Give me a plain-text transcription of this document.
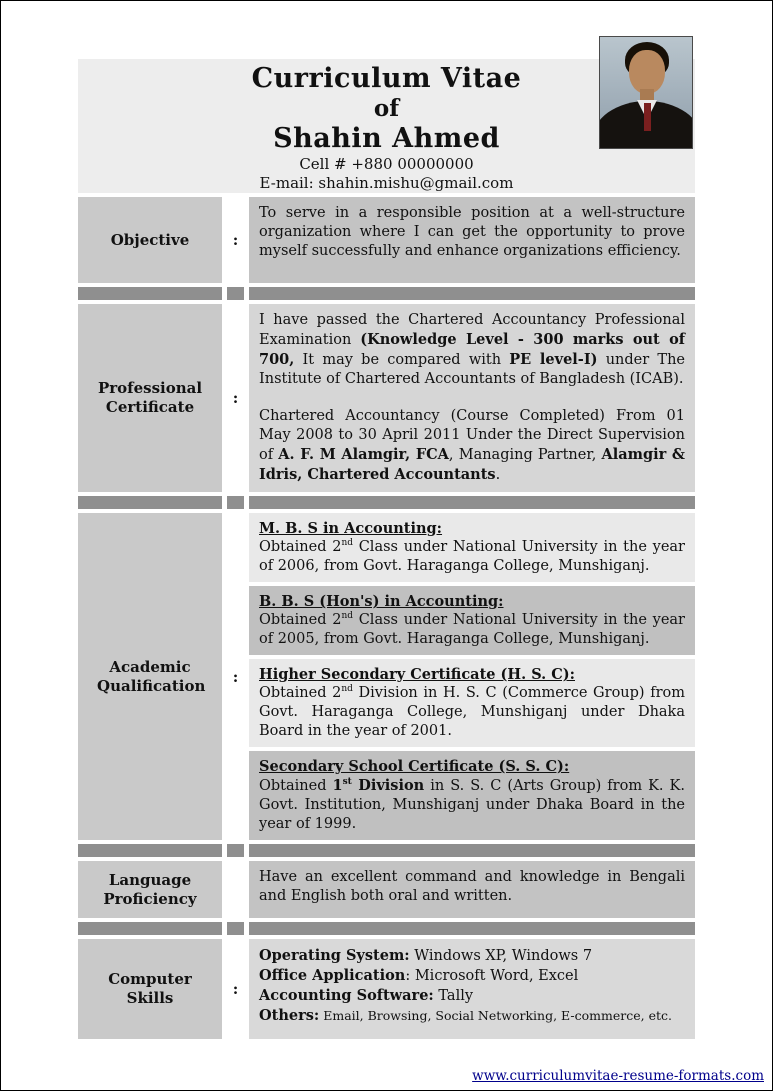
Curriculum Vitae
of
Shahin Ahmed
Cell # +880 00000000
E-mail: shahin.mishu@gmail.com
Objective	:

To serve in a responsible position at a well-structure organization where I can get the opportunity to prove myself successfully and enhance organizations efficiency.

Professional Certificate	:

I have passed the Chartered Accountancy Professional Examination (Knowledge Level - 300 marks out of 700, It may be compared with PE level-I) under The Institute of Chartered Accountants of Bangladesh (ICAB).

Chartered Accountancy (Course Completed) From 01 May 2008 to 30 April 2011 Under the Direct Supervision of A. F. M Alamgir, FCA, Managing Partner, Alamgir & Idris, Chartered Accountants.

Academic Qualification	:
M. B. S in Accounting:
Obtained 2nd Class under National University in the year of 2006, from Govt. Haraganga College, Munshiganj.
B. B. S (Hon's) in Accounting:
Obtained 2nd Class under National University in the year of 2005, from Govt. Haraganga College, Munshiganj.
Higher Secondary Certificate (H. S. C):
Obtained 2nd Division in H. S. C (Commerce Group) from Govt. Haraganga College, Munshiganj under Dhaka Board in the year of 2001.
Secondary School Certificate (S. S. C):
Obtained 1st Division in S. S. C (Arts Group) from K. K. Govt. Institution, Munshiganj under Dhaka Board in the year of 1999.
Language Proficiency

Have an excellent command and knowledge in Bengali and English both oral and written.

Computer Skills	:
Operating System: Windows XP, Windows 7
Office Application: Microsoft Word, Excel
Accounting Software: Tally
Others: Email, Browsing, Social Networking, E-commerce, etc.
www.curriculumvitae-resume-formats.com
